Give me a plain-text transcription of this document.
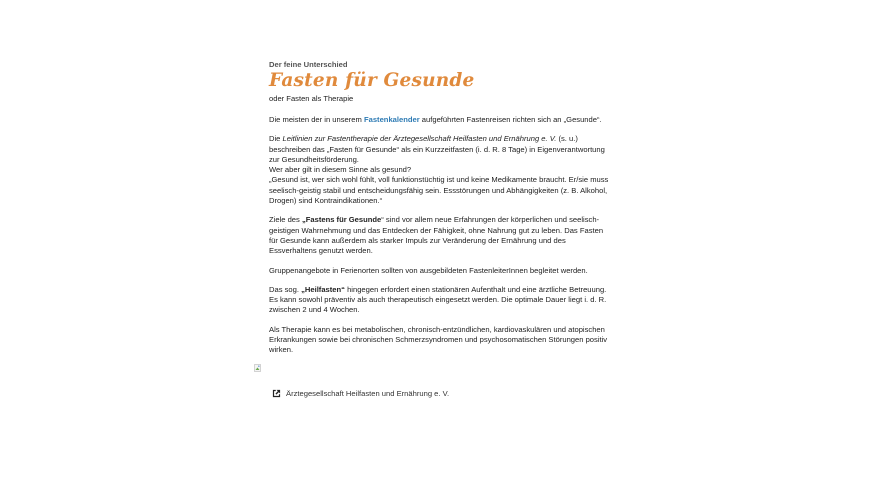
Der feine Unterschied

Fasten für Gesunde

oder Fasten als Therapie

Die meisten der in unserem Fastenkalender aufgeführten Fastenreisen richten sich an „Gesunde“.

Die Leitlinien zur Fastentherapie der Ärztegesellschaft Heilfasten und Ernährung e. V. (s. u.) beschreiben das „Fasten für Gesunde“ als ein Kurzzeitfasten (i. d. R. 8 Tage) in Eigenverantwortung zur Gesundheitsförderung.
Wer aber gilt in diesem Sinne als gesund?
„Gesund ist, wer sich wohl fühlt, voll funktionstüchtig ist und keine Medikamente braucht. Er/sie muss seelisch-geistig stabil und entscheidungsfähig sein. Essstörungen und Abhängigkeiten (z. B. Alkohol, Drogen) sind Kontraindikationen.“

Ziele des „Fastens für Gesunde“ sind vor allem neue Erfahrungen der körperlichen und seelisch-geistigen Wahrnehmung und das Entdecken der Fähigkeit, ohne Nahrung gut zu leben. Das Fasten für Gesunde kann außerdem als starker Impuls zur Veränderung der Ernährung und des Essverhaltens genutzt werden.

Gruppenangebote in Ferienorten sollten von ausgebildeten FastenleiterInnen begleitet werden.

Das sog. „Heilfasten“ hingegen erfordert einen stationären Aufenthalt und eine ärztliche Betreuung. Es kann sowohl präventiv als auch therapeutisch eingesetzt werden. Die optimale Dauer liegt i. d. R. zwischen 2 und 4 Wochen.

Als Therapie kann es bei metabolischen, chronisch-entzündlichen, kardiovaskulären und atopischen Erkrankungen sowie bei chronischen Schmerzsyndromen und psychosomatischen Störungen positiv wirken.

Ärztegesellschaft Heilfasten und Ernährung e. V.
